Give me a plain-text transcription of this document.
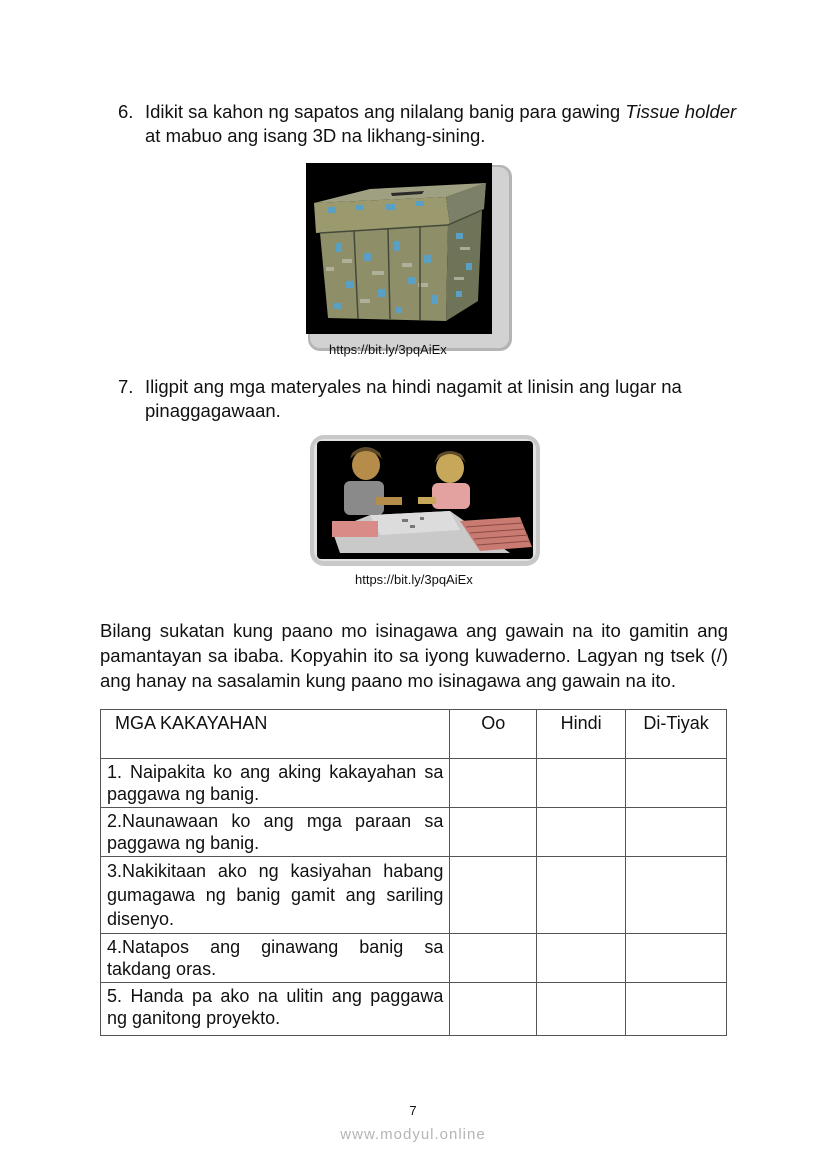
6. Idikit sa kahon ng sapatos ang nilalang banig para gawing Tissue holder at mabuo ang isang 3D na likhang-sining.
https://bit.ly/3pqAiEx
7. Iligpit ang mga materyales na hindi nagamit at linisin ang lugar na pinaggagawaan.
https://bit.ly/3pqAiEx
Bilang sukatan kung paano mo isinagawa ang gawain na ito gamitin ang pamantayan sa ibaba. Kopyahin ito sa iyong kuwaderno. Lagyan ng tsek (/) ang hanay na sasalamin kung paano mo isinagawa ang gawain na ito.
MGA KAKAYAHAN	Oo	Hindi	Di-Tiyak
1. Naipakita ko ang aking kakayahan sa paggawa ng banig.			
2.Naunawaan ko ang mga paraan sa paggawa ng banig.			
3.Nakikitaan ako ng kasiyahan habang gumagawa ng banig gamit ang sariling disenyo.			
4.Natapos ang ginawang banig sa takdang oras.			
5. Handa pa ako na ulitin ang paggawa ng ganitong proyekto.			
7
www.modyul.online
